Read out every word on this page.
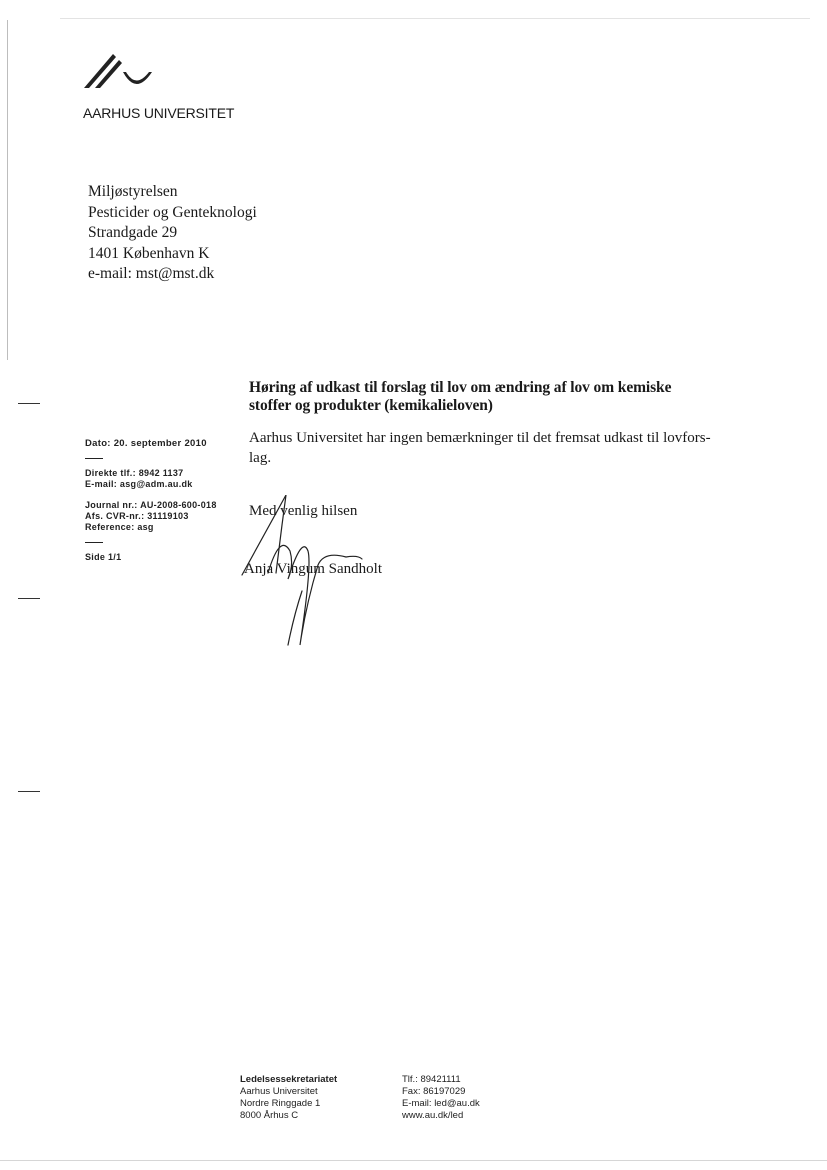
AARHUS UNIVERSITET
Miljøstyrelsen
Pesticider og Genteknologi
Strandgade 29
1401 København K
e-mail: mst@mst.dk
Dato: 20. september 2010
Direkte tlf.: 8942 1137
E-mail: asg@adm.au.dk
Journal nr.: AU-2008-600-018
Afs. CVR-nr.: 31119103
Reference: asg
Side 1/1
Høring af udkast til forslag til lov om ændring af lov om kemiske
stoffer og produkter (kemikalieloven)
Aarhus Universitet har ingen bemærkninger til det fremsat udkast til lovfors-
lag.
Med venlig hilsen
Anja Vingum Sandholt
Ledelsessekretariatet
Aarhus Universitet
Nordre Ringgade 1
8000 Århus C
Tlf.: 89421111
Fax: 86197029
E-mail: led@au.dk
www.au.dk/led
